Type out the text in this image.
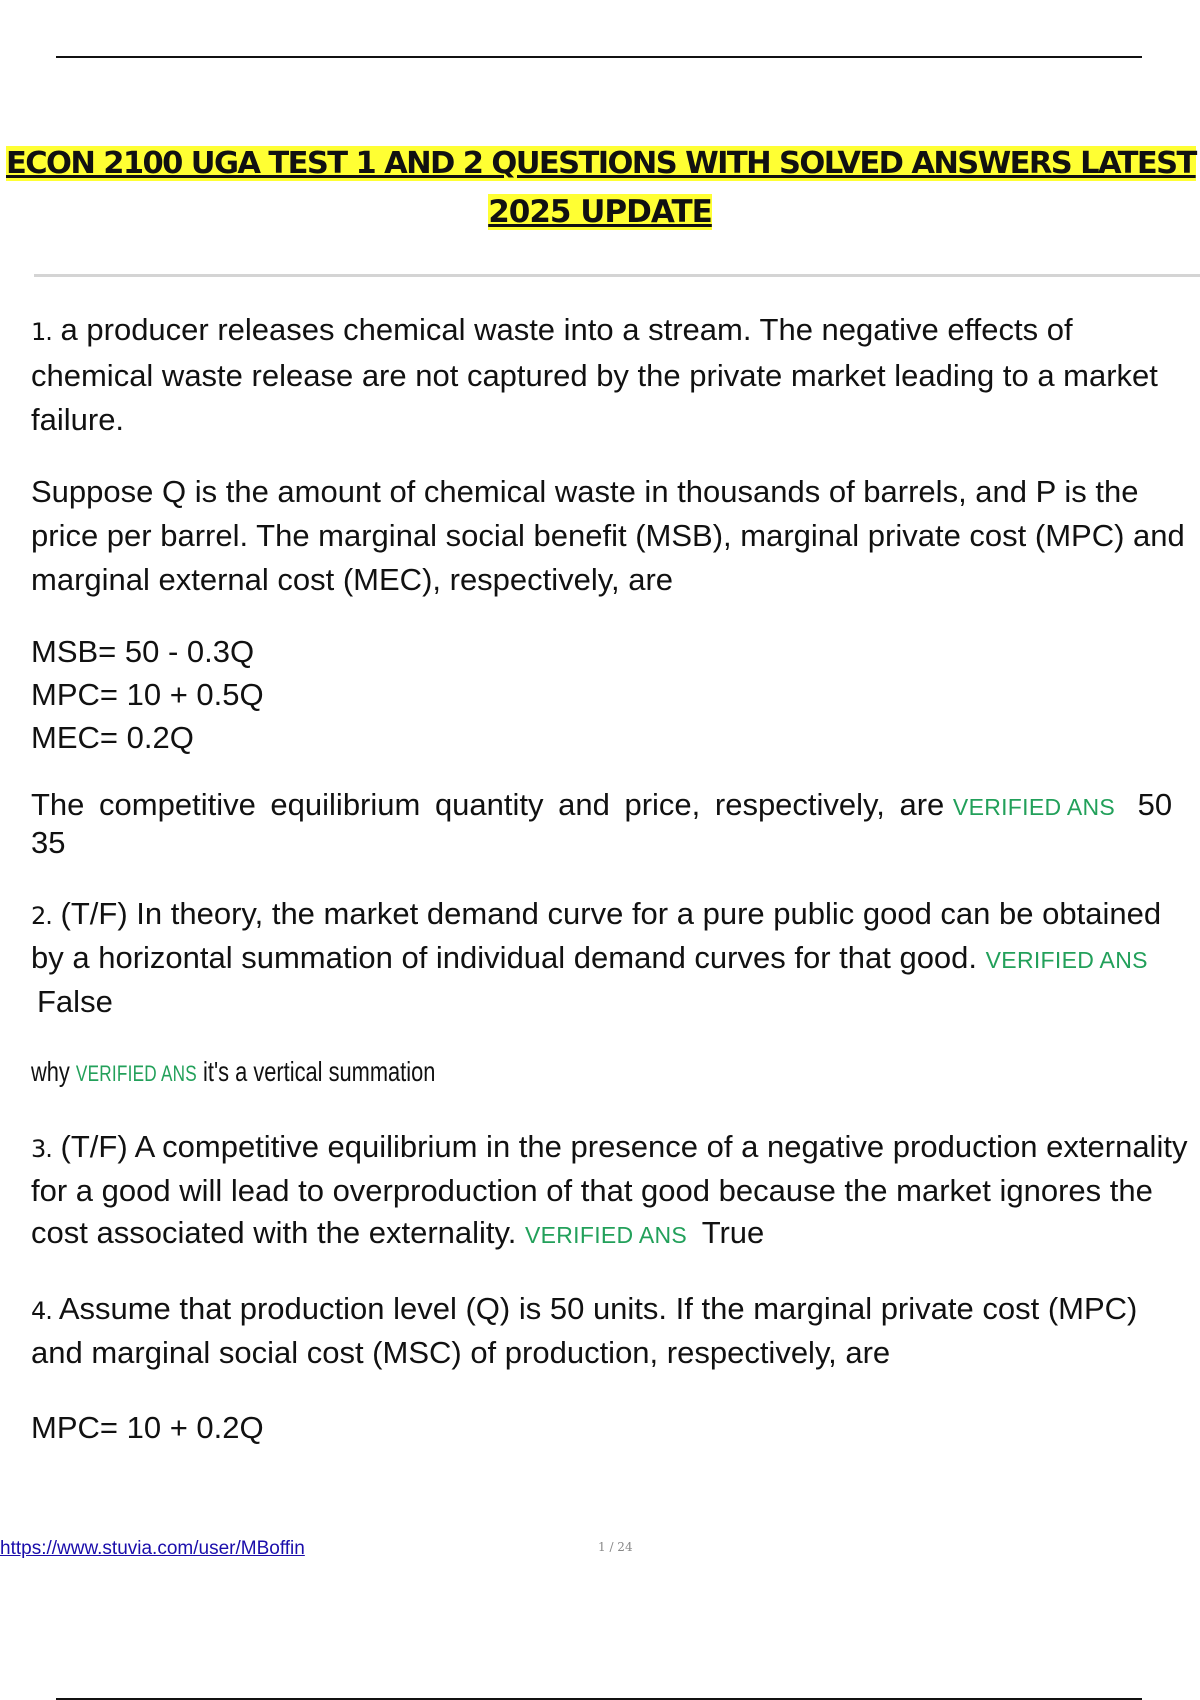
ECON 2100 UGA TEST 1 AND 2 QUESTIONS WITH SOLVED ANSWERS LATEST
2025 UPDATE

1. a producer releases chemical waste into a stream. The negative effects of chemical waste release are not captured by the private market leading to a market failure.

Suppose Q is the amount of chemical waste in thousands of barrels, and P is the price per barrel. The marginal social benefit (MSB), marginal private cost (MPC) and marginal external cost (MEC), respectively, are

MSB= 50 - 0.3Q

MPC= 10 + 0.5Q

MEC= 0.2Q

The competitive equilibrium quantity and price, respectively, are VERIFIED ANS 50
35

2. (T/F) In theory, the market demand curve for a pure public good can be obtained by a horizontal summation of individual demand curves for that good. VERIFIED ANS False

why VERIFIED ANS it's a vertical summation

3. (T/F) A competitive equilibrium in the presence of a negative production externality for a good will lead to overproduction of that good because the market ignores the cost associated with the externality. VERIFIED ANS True

4. Assume that production level (Q) is 50 units. If the marginal private cost (MPC) and marginal social cost (MSC) of production, respectively, are

MPC= 10 + 0.2Q

https://www.stuvia.com/user/MBoffin	1 / 24
